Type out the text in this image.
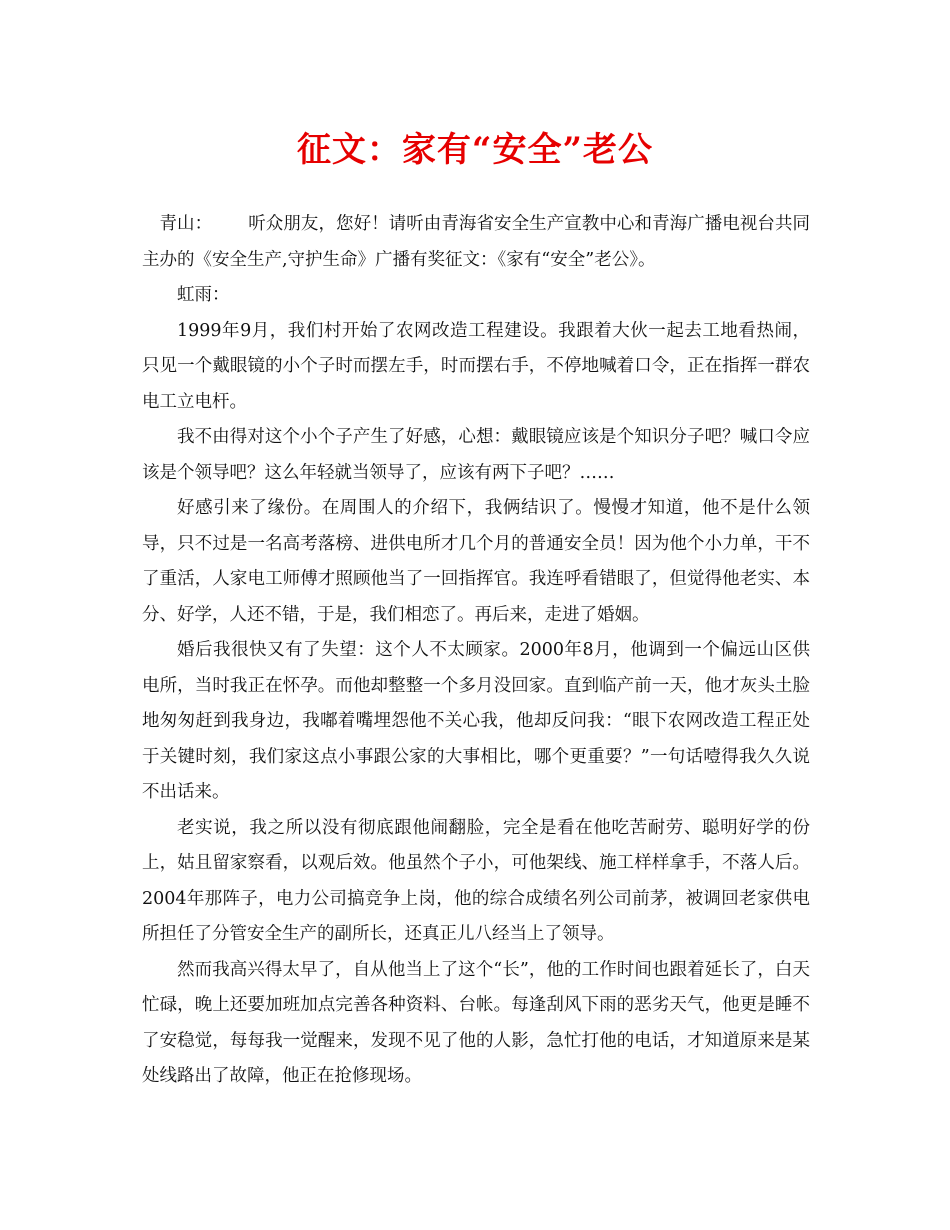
征文：家有“安全”老公

青山： 听众朋友，您好！请听由青海省安全生产宣教中心和青海广播电视台共同主办的《安全生产,守护生命》广播有奖征文：《家有“安全”老公》。

虹雨：

1999年9月，我们村开始了农网改造工程建设。我跟着大伙一起去工地看热闹，只见一个戴眼镜的小个子时而摆左手，时而摆右手，不停地喊着口令，正在指挥一群农电工立电杆。

我不由得对这个小个子产生了好感，心想：戴眼镜应该是个知识分子吧？喊口令应该是个领导吧？这么年轻就当领导了，应该有两下子吧？……

好感引来了缘份。在周围人的介绍下，我俩结识了。慢慢才知道，他不是什么领导，只不过是一名高考落榜、进供电所才几个月的普通安全员！因为他个小力单，干不了重活，人家电工师傅才照顾他当了一回指挥官。我连呼看错眼了，但觉得他老实、本分、好学，人还不错，于是，我们相恋了。再后来，走进了婚姻。

婚后我很快又有了失望：这个人不太顾家。2000年8月，他调到一个偏远山区供电所，当时我正在怀孕。而他却整整一个多月没回家。直到临产前一天，他才灰头土脸地匆匆赶到我身边，我嘟着嘴埋怨他不关心我，他却反问我：“眼下农网改造工程正处于关键时刻，我们家这点小事跟公家的大事相比，哪个更重要？”一句话噎得我久久说不出话来。

老实说，我之所以没有彻底跟他闹翻脸，完全是看在他吃苦耐劳、聪明好学的份上，姑且留家察看，以观后效。他虽然个子小，可他架线、施工样样拿手，不落人后。2004年那阵子，电力公司搞竞争上岗，他的综合成绩名列公司前茅，被调回老家供电所担任了分管安全生产的副所长，还真正儿八经当上了领导。

然而我高兴得太早了，自从他当上了这个“长”，他的工作时间也跟着延长了，白天忙碌，晚上还要加班加点完善各种资料、台帐。每逢刮风下雨的恶劣天气，他更是睡不了安稳觉，每每我一觉醒来，发现不见了他的人影，急忙打他的电话，才知道原来是某处线路出了故障，他正在抢修现场。
